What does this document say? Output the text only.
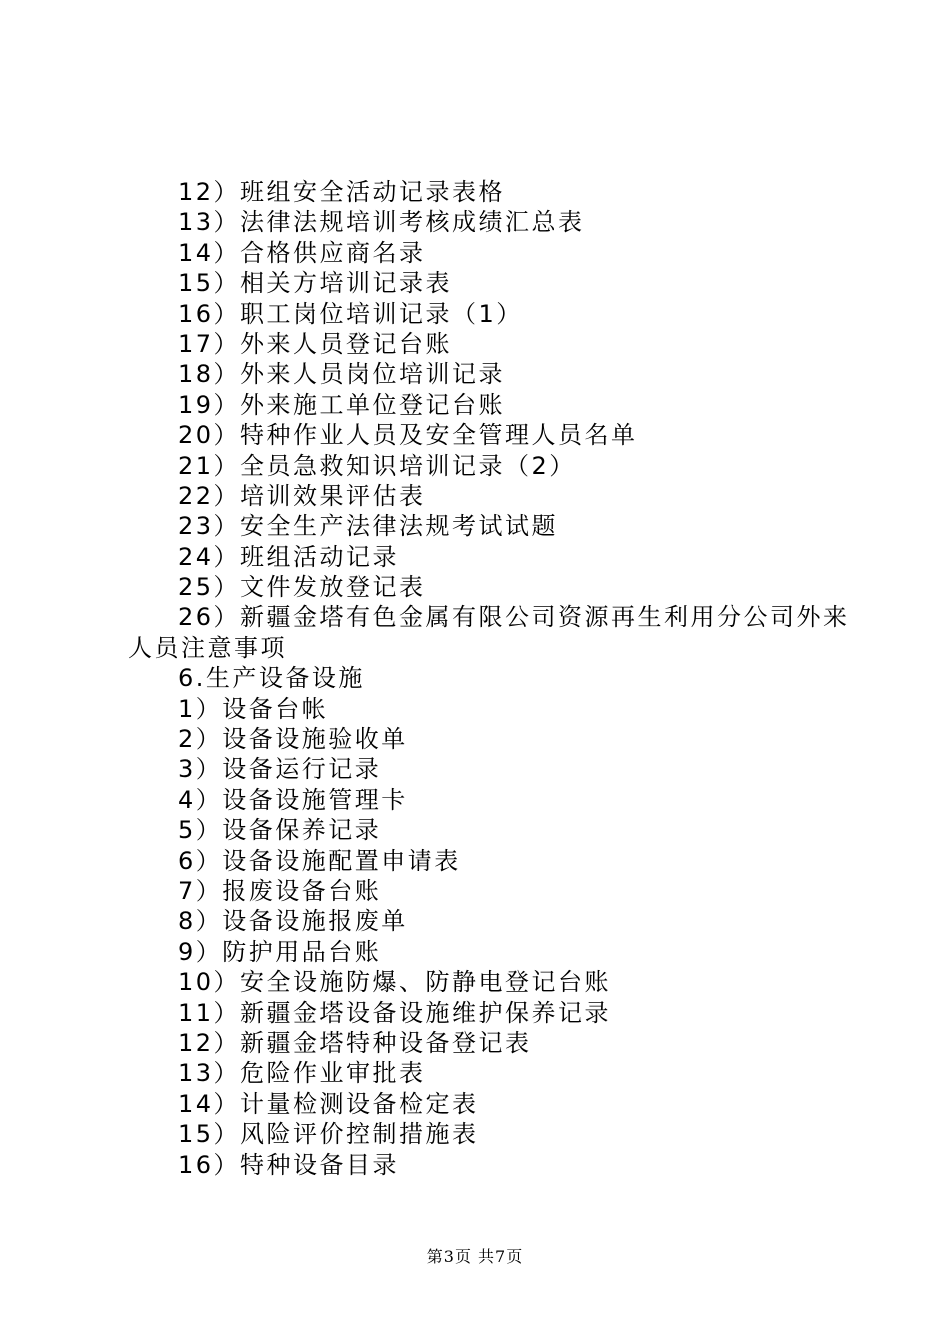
12）班组安全活动记录表格
13）法律法规培训考核成绩汇总表
14）合格供应商名录
15）相关方培训记录表
16）职工岗位培训记录（1）
17）外来人员登记台账
18）外来人员岗位培训记录
19）外来施工单位登记台账
20）特种作业人员及安全管理人员名单
21）全员急救知识培训记录（2）
22）培训效果评估表
23）安全生产法律法规考试试题
24）班组活动记录
25）文件发放登记表
26）新疆金塔有色金属有限公司资源再生利用分公司外来
人员注意事项
6.生产设备设施
1）设备台帐
2）设备设施验收单
3）设备运行记录
4）设备设施管理卡
5）设备保养记录
6）设备设施配置申请表
7）报废设备台账
8）设备设施报废单
9）防护用品台账
10）安全设施防爆、防静电登记台账
11）新疆金塔设备设施维护保养记录
12）新疆金塔特种设备登记表
13）危险作业审批表
14）计量检测设备检定表
15）风险评价控制措施表
16）特种设备目录
第3页 共7页
